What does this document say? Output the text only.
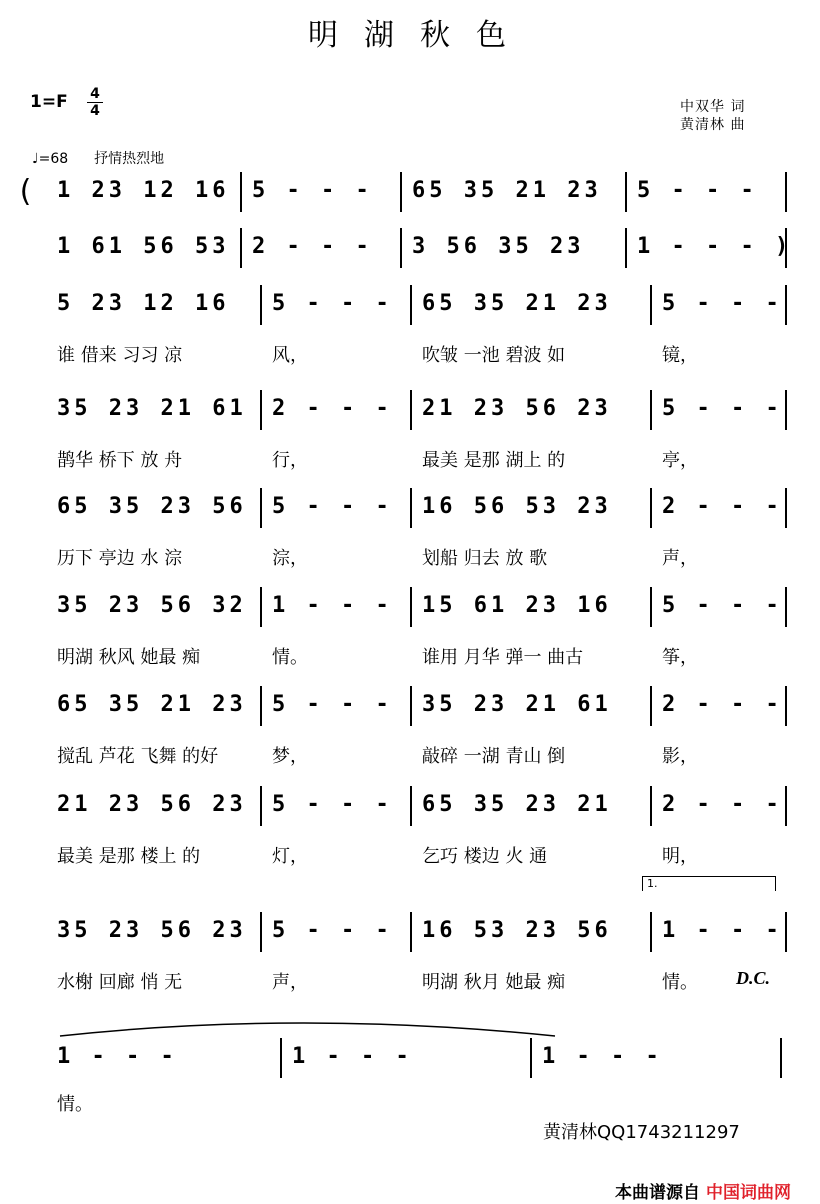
明湖秋色
1=F 4
4	中双华 词
黄清林 曲
♩=68 抒情热烈地
1 23 12 16 5 - - - 65 35 21 23 5 - - -
(
1 61 56 53 2 - - - 3 56 35 23 1 - - - )
5 23 12 16
谁 借来 习习 凉
5 - - -
风，
65 35 21 23
吹皱 一池 碧波 如
5 - - -
镜，
35 23 21 61
鹊华 桥下 放 舟
2 - - -
行，
21 23 56 23
最美 是那 湖上 的
5 - - -
亭，
65 35 23 56
历下 亭边 水 淙
5 - - -
淙，
16 56 53 23
划船 归去 放 歌
2 - - -
声，
35 23 56 32
明湖 秋风 她最 痴
1 - - -
情。
15 61 23 16
谁用 月华 弹一 曲古
5 - - -
筝，
65 35 21 23
搅乱 芦花 飞舞 的好
5 - - -
梦，
35 23 21 61
敲碎 一湖 青山 倒
2 - - -
影，
21 23 56 23
最美 是那 楼上 的
5 - - -
灯，
65 35 23 21
乞巧 楼边 火 通
2 - - -
明，
35 23 56 23
水榭 回廊 悄 无
5 - - -
声，
16 53 23 56
明湖 秋月 她最 痴
1 - - -
情。
1.
D.C.
1 - - -
情。
1 - - -	1 - - -
黄清林QQ1743211297
本曲谱源自 中国词曲网
